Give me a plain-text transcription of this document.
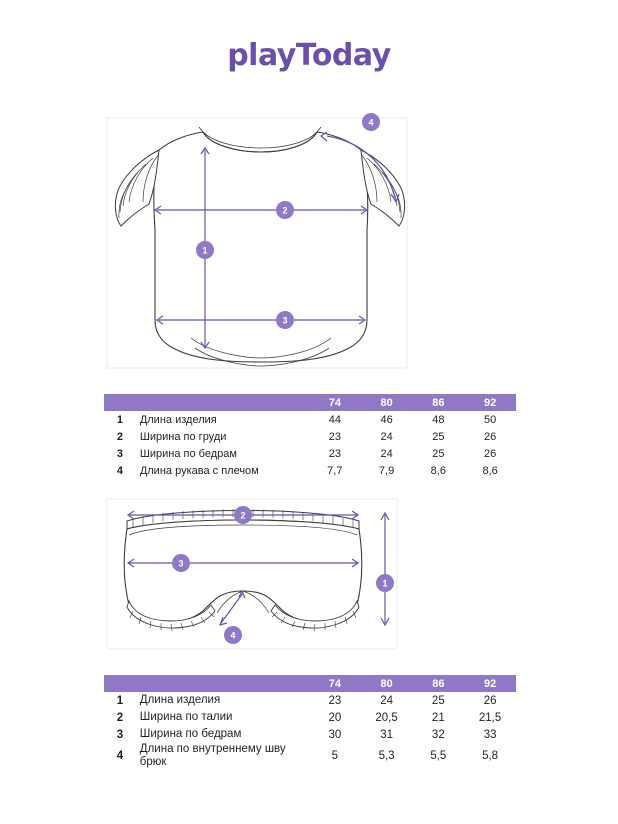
playToday
1
2
3
4
		74	80	86	92
1	Длина изделия	44	46	48	50
2	Ширина по груди	23	24	25	26
3	Ширина по бедрам	23	24	25	26
4	Длина рукава с плечом	7,7	7,9	8,6	8,6
2
3
1
4
		74	80	86	92
1	Длина изделия	23	24	25	26
2	Ширина по талии	20	20,5	21	21,5
3	Ширина по бедрам	30	31	32	33
4	Длина по внутреннему шву брюк	5	5,3	5,5	5,8
